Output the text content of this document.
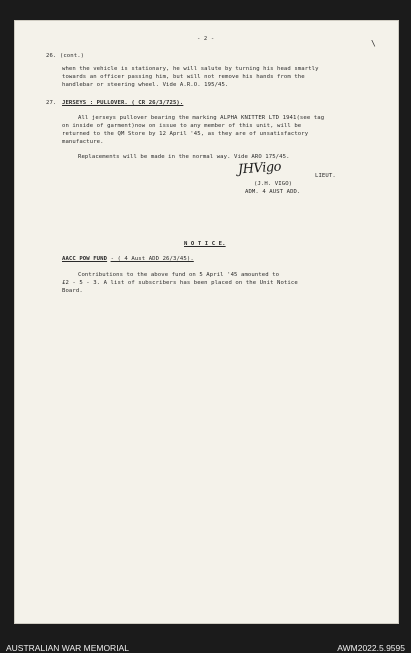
- 2 -	\
26. (cont.)
when the vehicle is stationary, he will salute by turning his head smartly
towards an officer passing him, but will not remove his hands from the
handlebar or steering wheel. Vide A.R.O. 195/45.
27. JERSEYS : PULLOVER. ( CR 26/3/725).
All jerseys pullover bearing the marking ALPHA KNITTER LTD 1941(see tag
on inside of garment)now on issue to any member of this unit, will be
returned to the QM Store by 12 April '45, as they are of unsatisfactory
manufacture.
Replacements will be made in the normal way. Vide ARO 175/45.
JHVigo	LIEUT.
(J.H. VIGO)
ADM. 4 AUST ADD.
N O T I C E.
AACC POW FUND - ( 4 Aust ADD 26/3/45).
Contributions to the above fund on 5 April '45 amounted to
£2 - 5 - 3. A list of subscribers has been placed on the Unit Notice
Board.
AUSTRALIAN WAR MEMORIAL	AWM2022.5.9595
